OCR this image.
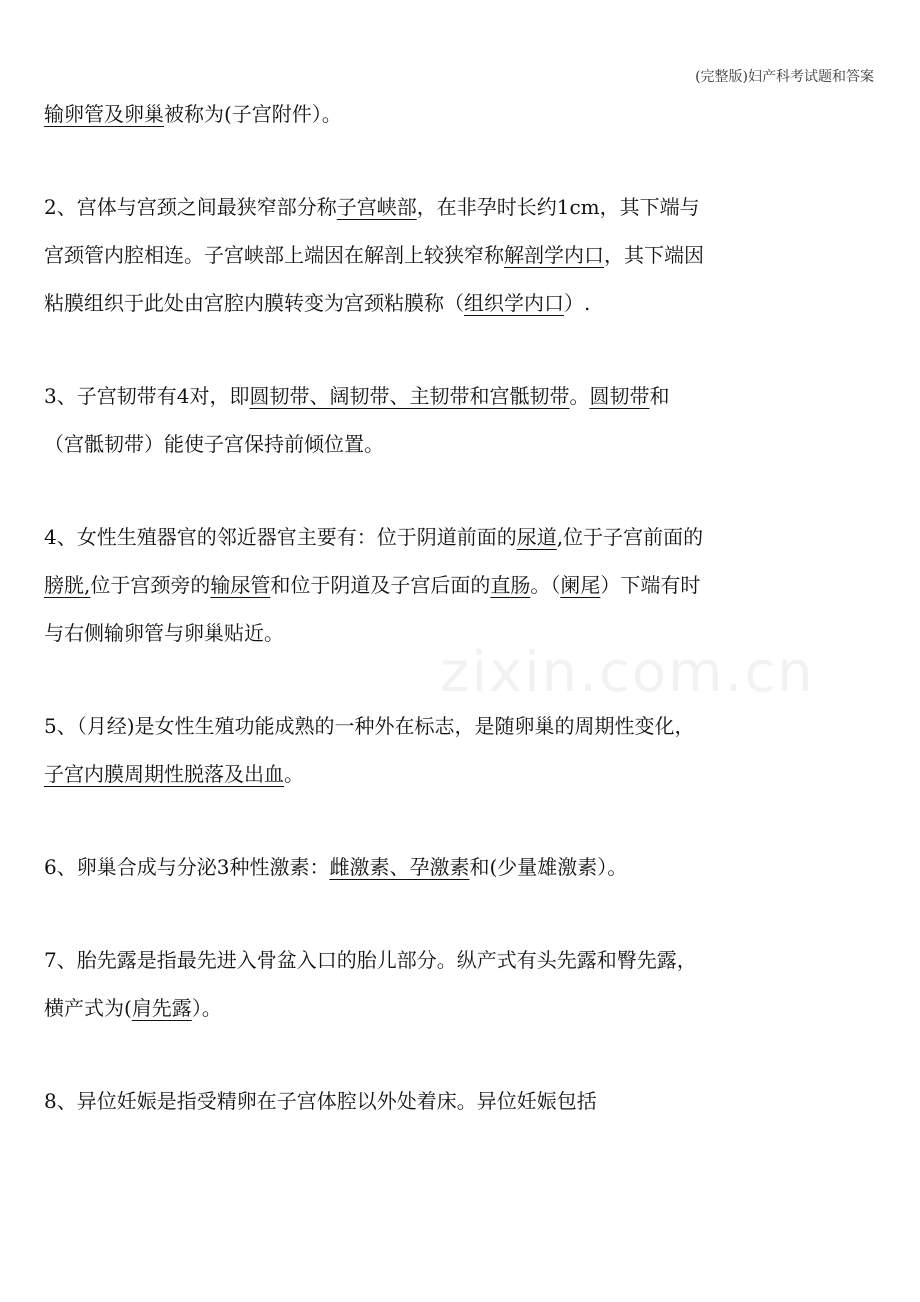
(完整版)妇产科考试题和答案
zixin.com.cn

输卵管及卵巢被称为(子宫附件）。

2、宫体与宫颈之间最狭窄部分称子宫峡部，在非孕时长约1cm，其下端与宫颈管内腔相连。子宫峡部上端因在解剖上较狭窄称解剖学内口，其下端因粘膜组织于此处由宫腔内膜转变为宫颈粘膜称（组织学内口）.

3、子宫韧带有4对，即圆韧带、阔韧带、主韧带和宫骶韧带。圆韧带和（宫骶韧带）能使子宫保持前倾位置。

4、女性生殖器官的邻近器官主要有：位于阴道前面的尿道,位于子宫前面的膀胱,位于宫颈旁的输尿管和位于阴道及子宫后面的直肠。（阑尾）下端有时与右侧输卵管与卵巢贴近。

5、（月经)是女性生殖功能成熟的一种外在标志，是随卵巢的周期性变化，子宫内膜周期性脱落及出血。

6、卵巢合成与分泌3种性激素：雌激素、孕激素和(少量雄激素）。

7、胎先露是指最先进入骨盆入口的胎儿部分。纵产式有头先露和臀先露，横产式为(肩先露）。

8、异位妊娠是指受精卵在子宫体腔以外处着床。异位妊娠包括
